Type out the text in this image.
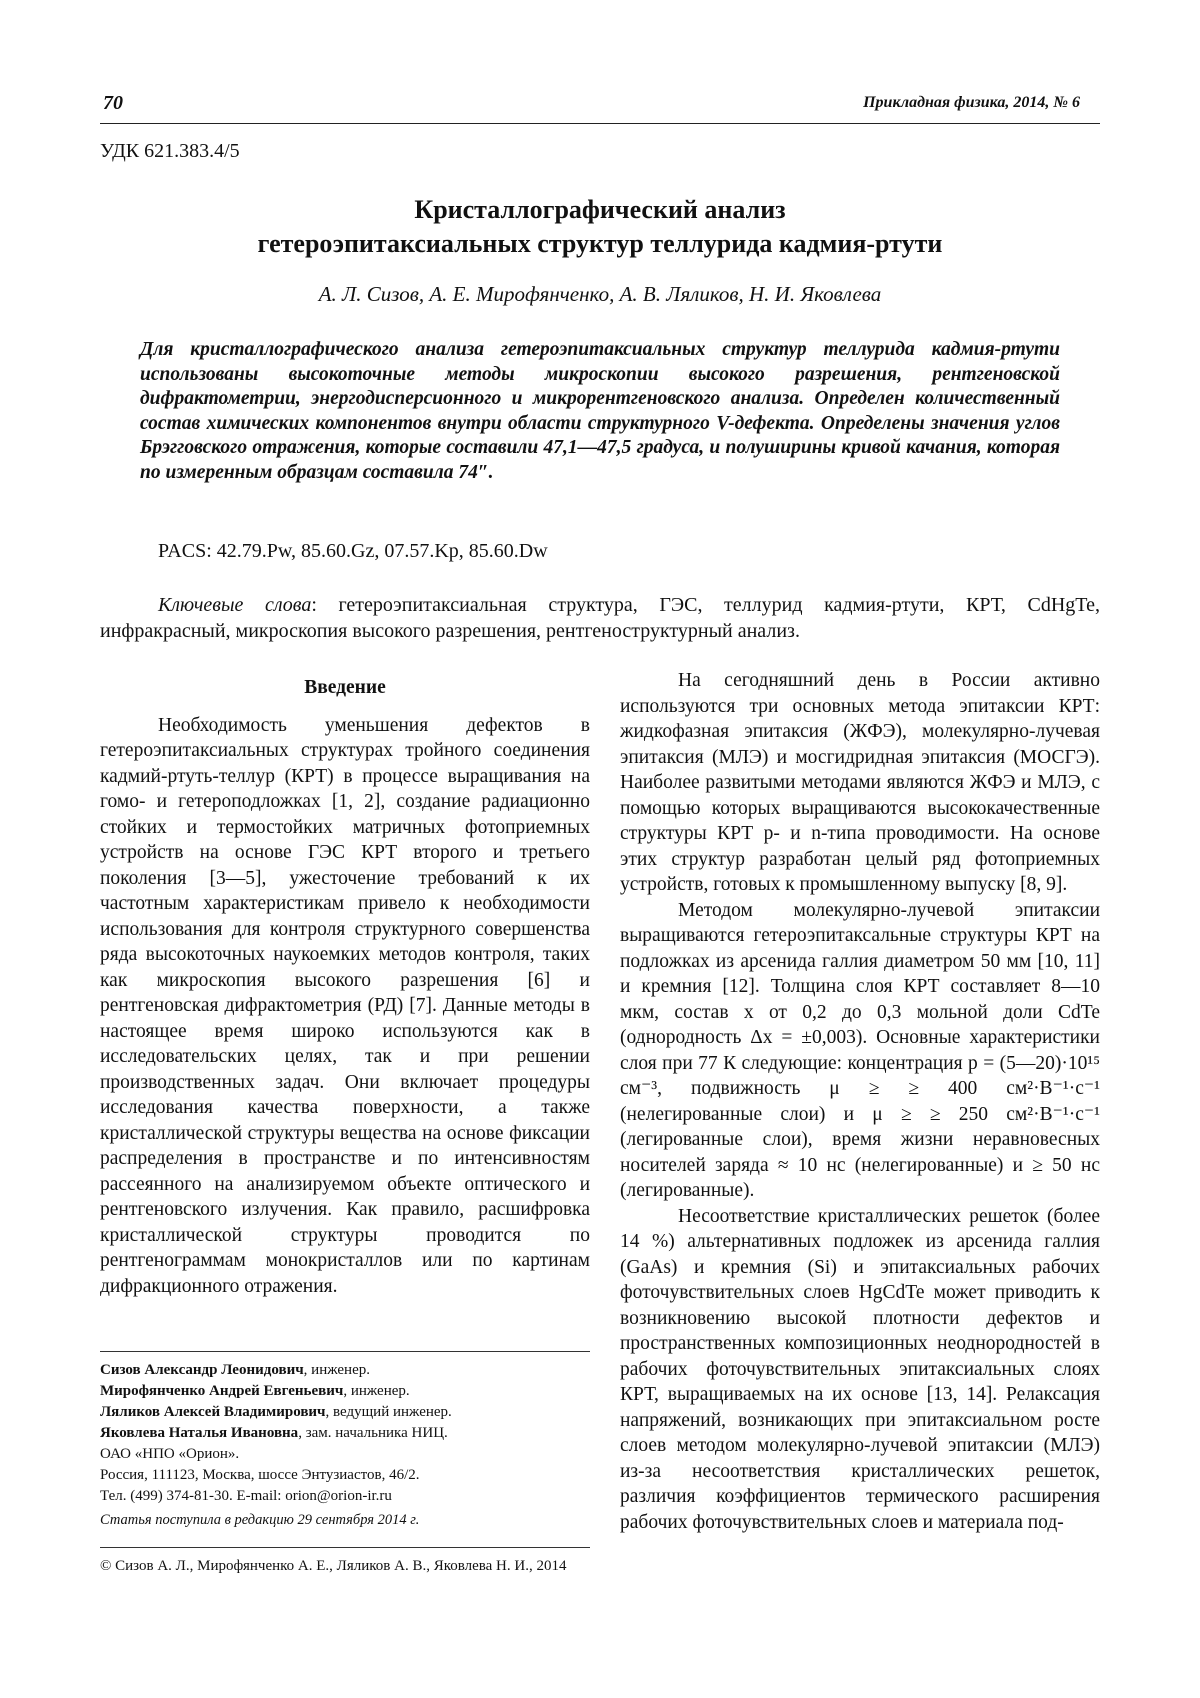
70	Прикладная физика, 2014, № 6
УДК 621.383.4/5
Кристаллографический анализ
гетероэпитаксиальных структур теллурида кадмия-ртути
А. Л. Сизов, А. Е. Мирофянченко, А. В. Ляликов, Н. И. Яковлева
Для кристаллографического анализа гетероэпитаксиальных структур теллурида кадмия-ртути использованы высокоточные методы микроскопии высокого разрешения, рентгеновской дифрактометрии, энергодисперсионного и микрорентгеновского анализа. Определен количественный состав химических компонентов внутри области структурного V-дефекта. Определены значения углов Брэгговского отражения, которые составили 47,1—47,5 градуса, и полуширины кривой качания, которая по измеренным образцам составила 74″.
PACS: 42.79.Pw, 85.60.Gz, 07.57.Kp, 85.60.Dw
Ключевые слова: гетероэпитаксиальная структура, ГЭС, теллурид кадмия-ртути, КРТ, CdHgTe, инфракрасный, микроскопия высокого разрешения, рентгеноструктурный анализ.
Введение

Необходимость уменьшения дефектов в гетероэпитаксиальных структурах тройного соединения кадмий-ртуть-теллур (КРТ) в процессе выращивания на гомо- и гетероподложках [1, 2], создание радиационно стойких и термостойких матричных фотоприемных устройств на основе ГЭС КРТ второго и третьего поколения [3—5], ужесточение требований к их частотным характеристикам привело к необходимости использования для контроля структурного совершенства ряда высокоточных наукоемких методов контроля, таких как микроскопия высокого разрешения [6] и рентгеновская дифрактометрия (РД) [7]. Данные методы в настоящее время широко используются как в исследовательских целях, так и при решении производственных задач. Они включает процедуры исследования качества поверхности, а также кристаллической структуры вещества на основе фиксации распределения в пространстве и по интенсивностям рассеянного на анализируемом объекте оптического и рентгеновского излучения. Как правило, расшифровка кристаллической структуры проводится по рентгенограммам монокристаллов или по картинам дифракционного отражения.

На сегодняшний день в России активно используются три основных метода эпитаксии КРТ: жидкофазная эпитаксия (ЖФЭ), молекулярно-лучевая эпитаксия (МЛЭ) и мосгидридная эпитаксия (МОСГЭ). Наиболее развитыми методами являются ЖФЭ и МЛЭ, с помощью которых выращиваются высококачественные структуры КРТ p- и n-типа проводимости. На основе этих структур разработан целый ряд фотоприемных устройств, готовых к промышленному выпуску [8, 9].

Методом молекулярно-лучевой эпитаксии выращиваются гетероэпитаксальные структуры КРТ на подложках из арсенида галлия диаметром 50 мм [10, 11] и кремния [12]. Толщина слоя КРТ составляет 8—10 мкм, состав x от 0,2 до 0,3 мольной доли CdTe (однородность Δx = ±0,003). Основные характеристики слоя при 77 К следующие: концентрация p = (5—20)·10¹⁵ см⁻³, подвижность μ ≥ ≥ 400 см²·В⁻¹·с⁻¹ (нелегированные слои) и μ ≥ ≥ 250 см²·В⁻¹·с⁻¹ (легированные слои), время жизни неравновесных носителей заряда ≈ 10 нс (нелегированные) и ≥ 50 нс (легированные).

Несоответствие кристаллических решеток (более 14 %) альтернативных подложек из арсенида галлия (GaAs) и кремния (Si) и эпитаксиальных рабочих фоточувствительных слоев HgCdTe может приводить к возникновению высокой плотности дефектов и пространственных композиционных неоднородностей в рабочих фоточувствительных эпитаксиальных слоях КРТ, выращиваемых на их основе [13, 14]. Релаксация напряжений, возникающих при эпитаксиальном росте слоев методом молекулярно-лучевой эпитаксии (МЛЭ) из-за несоответствия кристаллических решеток, различия коэффициентов термического расширения рабочих фоточувствительных слоев и материала под-

Сизов Александр Леонидович, инженер.
Мирофянченко Андрей Евгеньевич, инженер.
Ляликов Алексей Владимирович, ведущий инженер.
Яковлева Наталья Ивановна, зам. начальника НИЦ.
ОАО «НПО «Орион».
Россия, 111123, Москва, шоссе Энтузиастов, 46/2.
Тел. (499) 374-81-30. E-mail: orion@orion-ir.ru
Статья поступила в редакцию 29 сентября 2014 г.
© Сизов А. Л., Мирофянченко А. Е., Ляликов А. В., Яковлева Н. И., 2014
